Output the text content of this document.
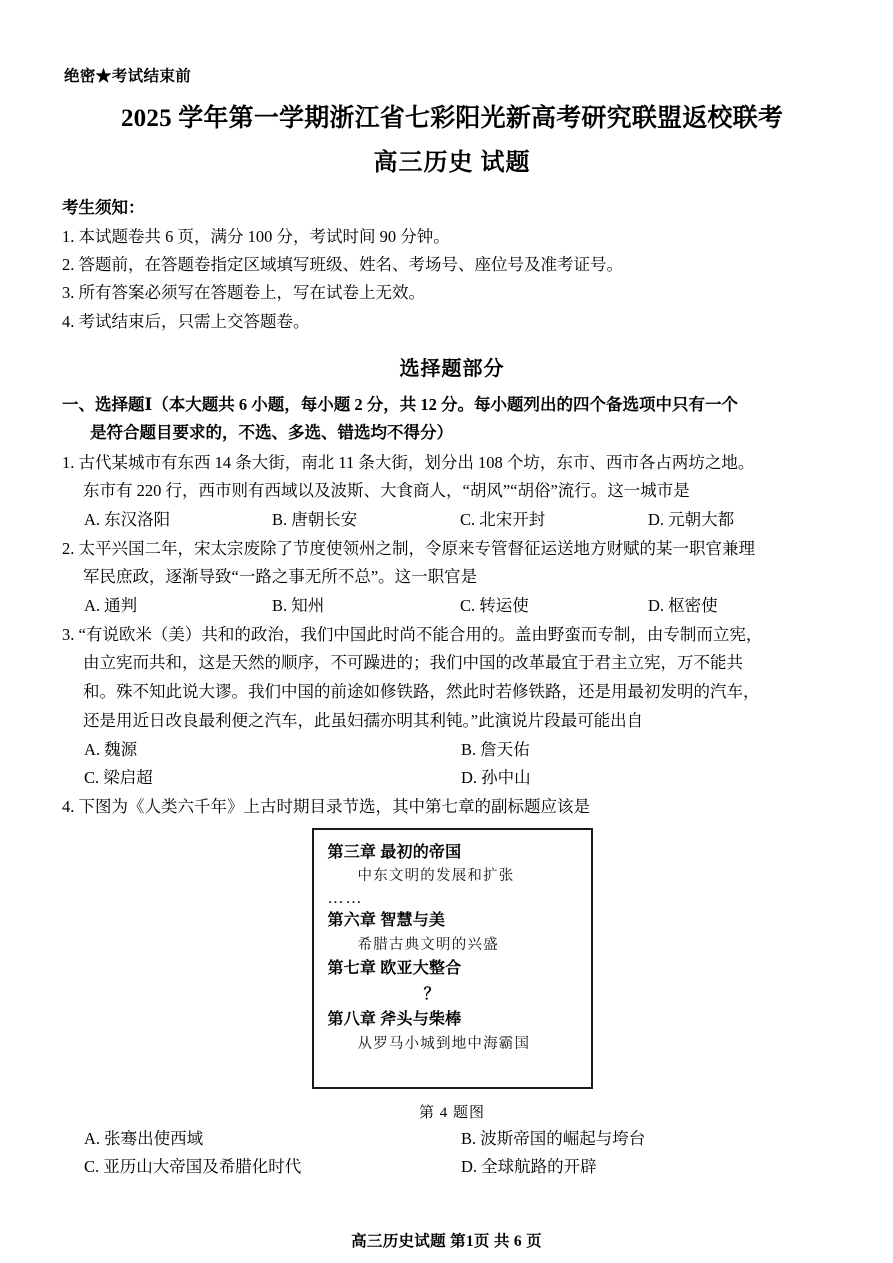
绝密★考试结束前
2025 学年第一学期浙江省七彩阳光新高考研究联盟返校联考
高三历史 试题
考生须知：
1. 本试题卷共 6 页，满分 100 分，考试时间 90 分钟。
2. 答题前，在答题卷指定区域填写班级、姓名、考场号、座位号及准考证号。
3. 所有答案必须写在答题卷上，写在试卷上无效。
4. 考试结束后，只需上交答题卷。
选择题部分
一、选择题Ⅰ（本大题共 6 小题，每小题 2 分，共 12 分。每小题列出的四个备选项中只有一个
是符合题目要求的，不选、多选、错选均不得分）
1. 古代某城市有东西 14 条大街，南北 11 条大街，划分出 108 个坊，东市、西市各占两坊之地。
东市有 220 行，西市则有西域以及波斯、大食商人，“胡风”“胡俗”流行。这一城市是
A. 东汉洛阳	B. 唐朝长安	C. 北宋开封	D. 元朝大都
2. 太平兴国二年，宋太宗废除了节度使领州之制，令原来专管督征运送地方财赋的某一职官兼理
军民庶政，逐渐导致“一路之事无所不总”。这一职官是
A. 通判	B. 知州	C. 转运使	D. 枢密使
3. “有说欧米（美）共和的政治，我们中国此时尚不能合用的。盖由野蛮而专制，由专制而立宪，
由立宪而共和，这是天然的顺序，不可躁进的；我们中国的改革最宜于君主立宪，万不能共
和。殊不知此说大谬。我们中国的前途如修铁路，然此时若修铁路，还是用最初发明的汽车，
还是用近日改良最利便之汽车，此虽妇孺亦明其利钝。”此演说片段最可能出自
A. 魏源	B. 詹天佑
C. 梁启超	D. 孙中山
4. 下图为《人类六千年》上古时期目录节选，其中第七章的副标题应该是
第三章 最初的帝国
中东文明的发展和扩张
……
第六章 智慧与美
希腊古典文明的兴盛
第七章 欧亚大整合
？
第八章 斧头与柴棒
从罗马小城到地中海霸国
第 4 题图
A. 张骞出使西域	B. 波斯帝国的崛起与垮台
C. 亚历山大帝国及希腊化时代	D. 全球航路的开辟
高三历史试题 第1页 共 6 页
